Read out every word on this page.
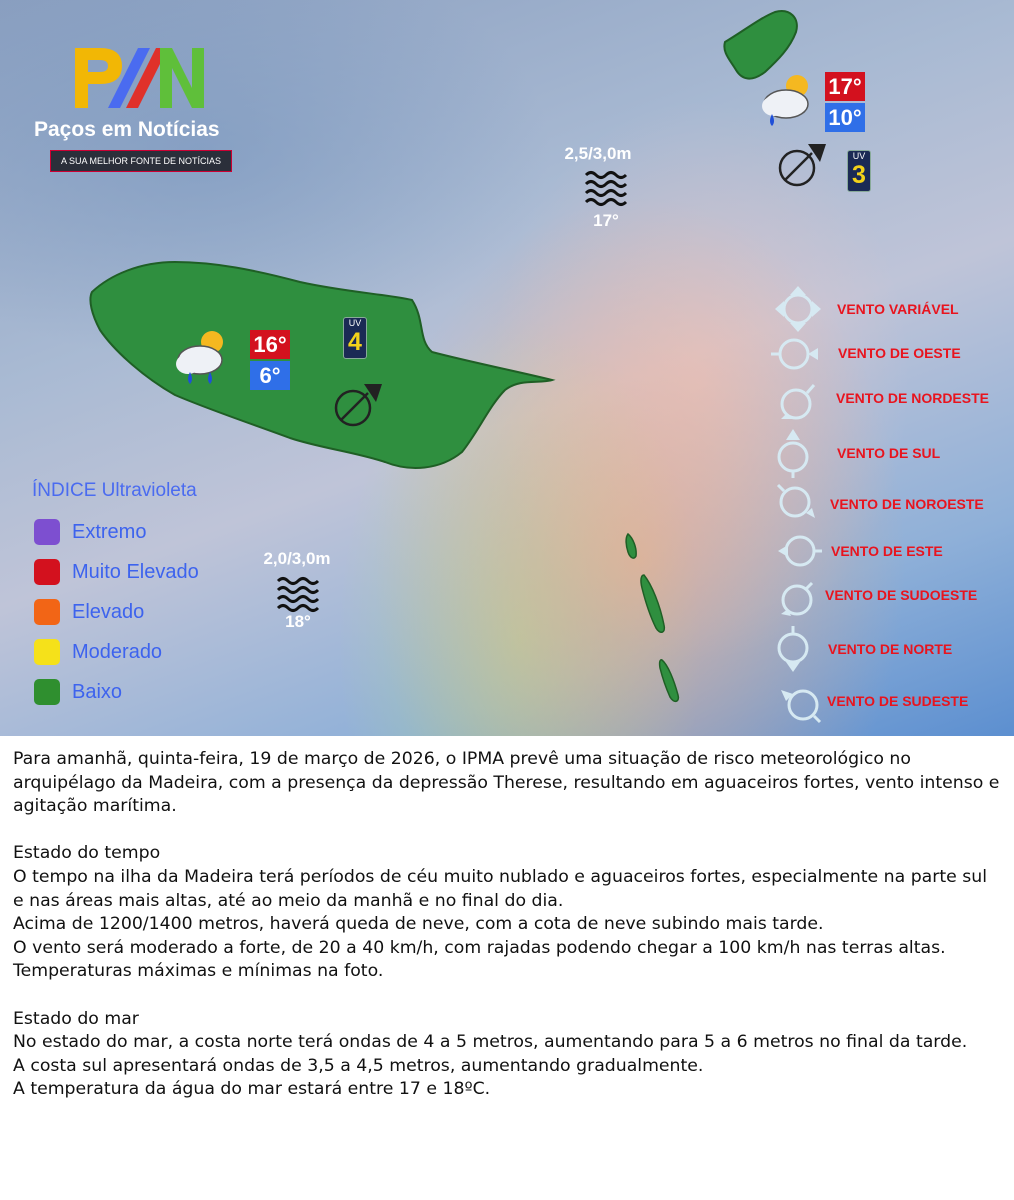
Paços em Notícias
A SUA MELHOR FONTE DE NOTÍCIAS
16°
6°
UV
4
17°
10°
UV
3
2,5/3,0m
17°
2,0/3,0m
18°
ÍNDICE Ultravioleta
Extremo
Muito Elevado
Elevado
Moderado
Baixo
VENTO VARIÁVEL
VENTO DE OESTE
VENTO DE NORDESTE
VENTO DE SUL
VENTO DE NOROESTE
VENTO DE ESTE
VENTO DE SUDOESTE
VENTO DE NORTE
VENTO DE SUDESTE

Para amanhã, quinta-feira, 19 de março de 2026, o IPMA prevê uma situação de risco meteorológico no arquipélago da Madeira, com a presença da depressão Therese, resultando em aguaceiros fortes, vento intenso e agitação marítima.

Estado do tempo

O tempo na ilha da Madeira terá períodos de céu muito nublado e aguaceiros fortes, especialmente na parte sul e nas áreas mais altas, até ao meio da manhã e no final do dia.

Acima de 1200/1400 metros, haverá queda de neve, com a cota de neve subindo mais tarde.

O vento será moderado a forte, de 20 a 40 km/h, com rajadas podendo chegar a 100 km/h nas terras altas.

Temperaturas máximas e mínimas na foto.

Estado do mar

No estado do mar, a costa norte terá ondas de 4 a 5 metros, aumentando para 5 a 6 metros no final da tarde.

A costa sul apresentará ondas de 3,5 a 4,5 metros, aumentando gradualmente.

A temperatura da água do mar estará entre 17 e 18ºC.
